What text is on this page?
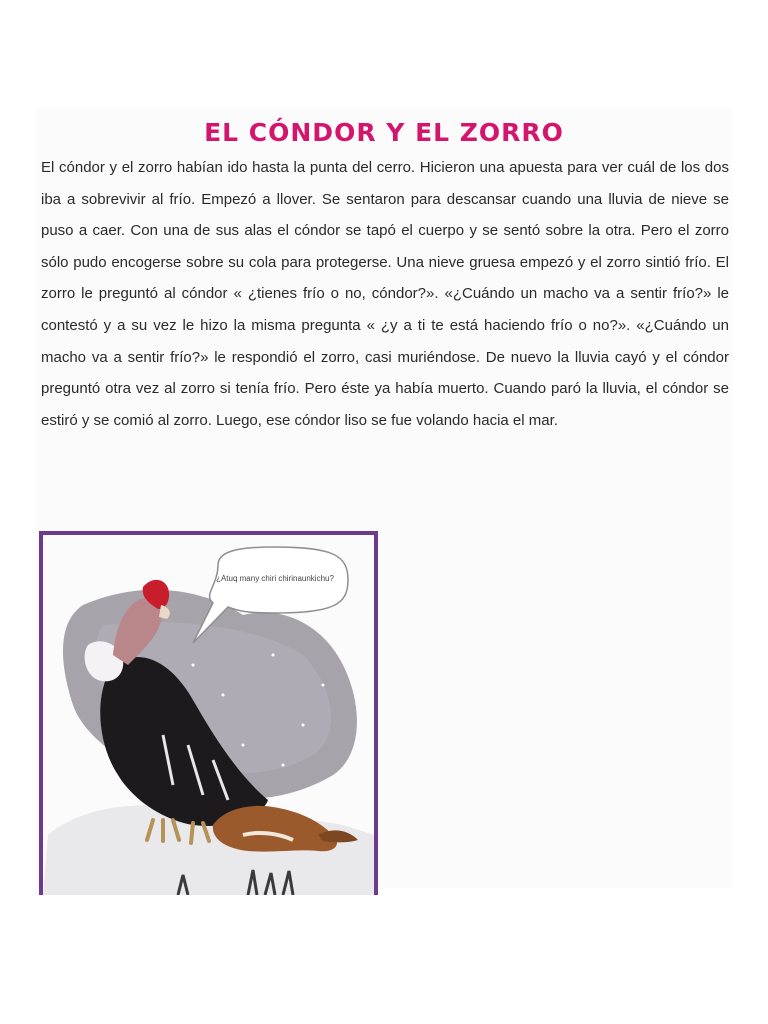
EL CÓNDOR Y EL ZORRO

El cóndor y el zorro habían ido hasta la punta del cerro. Hicieron una apuesta para ver cuál de los dos iba a sobrevivir al frío. Empezó a llover. Se sentaron para descansar cuando una lluvia de nieve se puso a caer. Con una de sus alas el cóndor se tapó el cuerpo y se sentó sobre la otra. Pero el zorro sólo pudo encogerse sobre su cola para protegerse. Una nieve gruesa empezó y el zorro sintió frío. El zorro le preguntó al cóndor « ¿tienes frío o no, cóndor?». «¿Cuándo un macho va a sentir frío?» le contestó y a su vez le hizo la misma pregunta « ¿y a ti te está haciendo frío o no?». «¿Cuándo un macho va a sentir frío?» le respondió el zorro, casi muriéndose. De nuevo la lluvia cayó y el cóndor preguntó otra vez al zorro si tenía frío. Pero éste ya había muerto. Cuando paró la lluvia, el cóndor se estiró y se comió al zorro. Luego, ese cóndor liso se fue volando hacia el mar.

¿Atuq many chiri chirinaunkichu?
